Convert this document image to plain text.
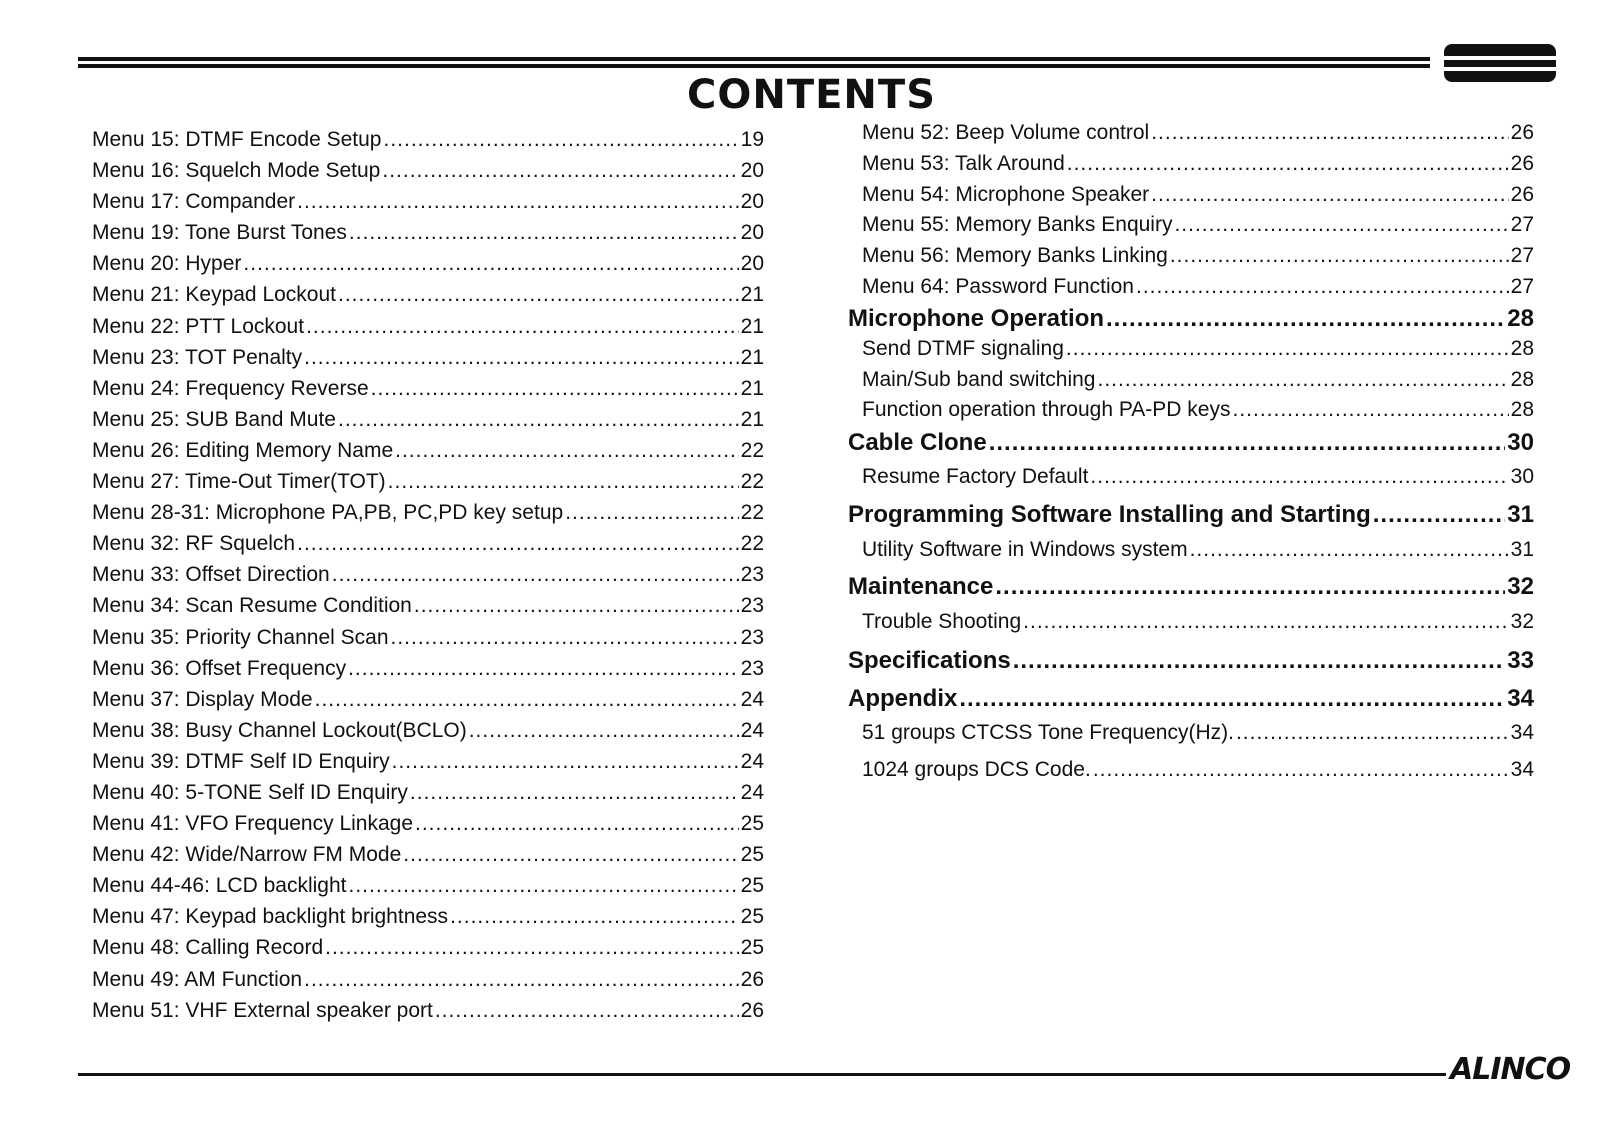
CONTENTS
Menu 15: DTMF Encode Setup .....	19
Menu 16: Squelch Mode Setup .....	20
Menu 17: Compander .....	20
Menu 19: Tone Burst Tones .....	20
Menu 20: Hyper .....	20
Menu 21: Keypad Lockout .....	21
Menu 22: PTT Lockout .....	21
Menu 23: TOT Penalty .....	21
Menu 24: Frequency Reverse .....	21
Menu 25: SUB Band Mute .....	21
Menu 26: Editing Memory Name .....	22
Menu 27: Time-Out Timer(TOT) .....	22
Menu 28-31: Microphone PA,PB, PC,PD key setup .....	22
Menu 32: RF Squelch .....	22
Menu 33: Offset Direction .....	23
Menu 34: Scan Resume Condition .....	23
Menu 35: Priority Channel Scan .....	23
Menu 36: Offset Frequency .....	23
Menu 37: Display Mode .....	24
Menu 38: Busy Channel Lockout(BCLO) .....	24
Menu 39: DTMF Self ID Enquiry .....	24
Menu 40: 5-TONE Self ID Enquiry .....	24
Menu 41: VFO Frequency Linkage .....	25
Menu 42: Wide/Narrow FM Mode .....	25
Menu 44-46: LCD backlight .....	25
Menu 47: Keypad backlight brightness .....	25
Menu 48: Calling Record .....	25
Menu 49: AM Function .....	26
Menu 51: VHF External speaker port .....	26
Menu 52: Beep Volume control .....	26
Menu 53: Talk Around .....	26
Menu 54: Microphone Speaker .....	26
Menu 55: Memory Banks Enquiry .....	27
Menu 56: Memory Banks Linking .....	27
Menu 64: Password Function .....	27
Microphone Operation .....	28
Send DTMF signaling .....	28
Main/Sub band switching .....	28
Function operation through PA-PD keys .....	28
Cable Clone .....	30
Resume Factory Default .....	30
Programming Software Installing and Starting .....	31
Utility Software in Windows system .....	31
Maintenance .....	32
Trouble Shooting .....	32
Specifications .....	33
Appendix .....	34
51 groups CTCSS Tone Frequency(Hz). .....	34
1024 groups DCS Code. .....	34
ALINCO
